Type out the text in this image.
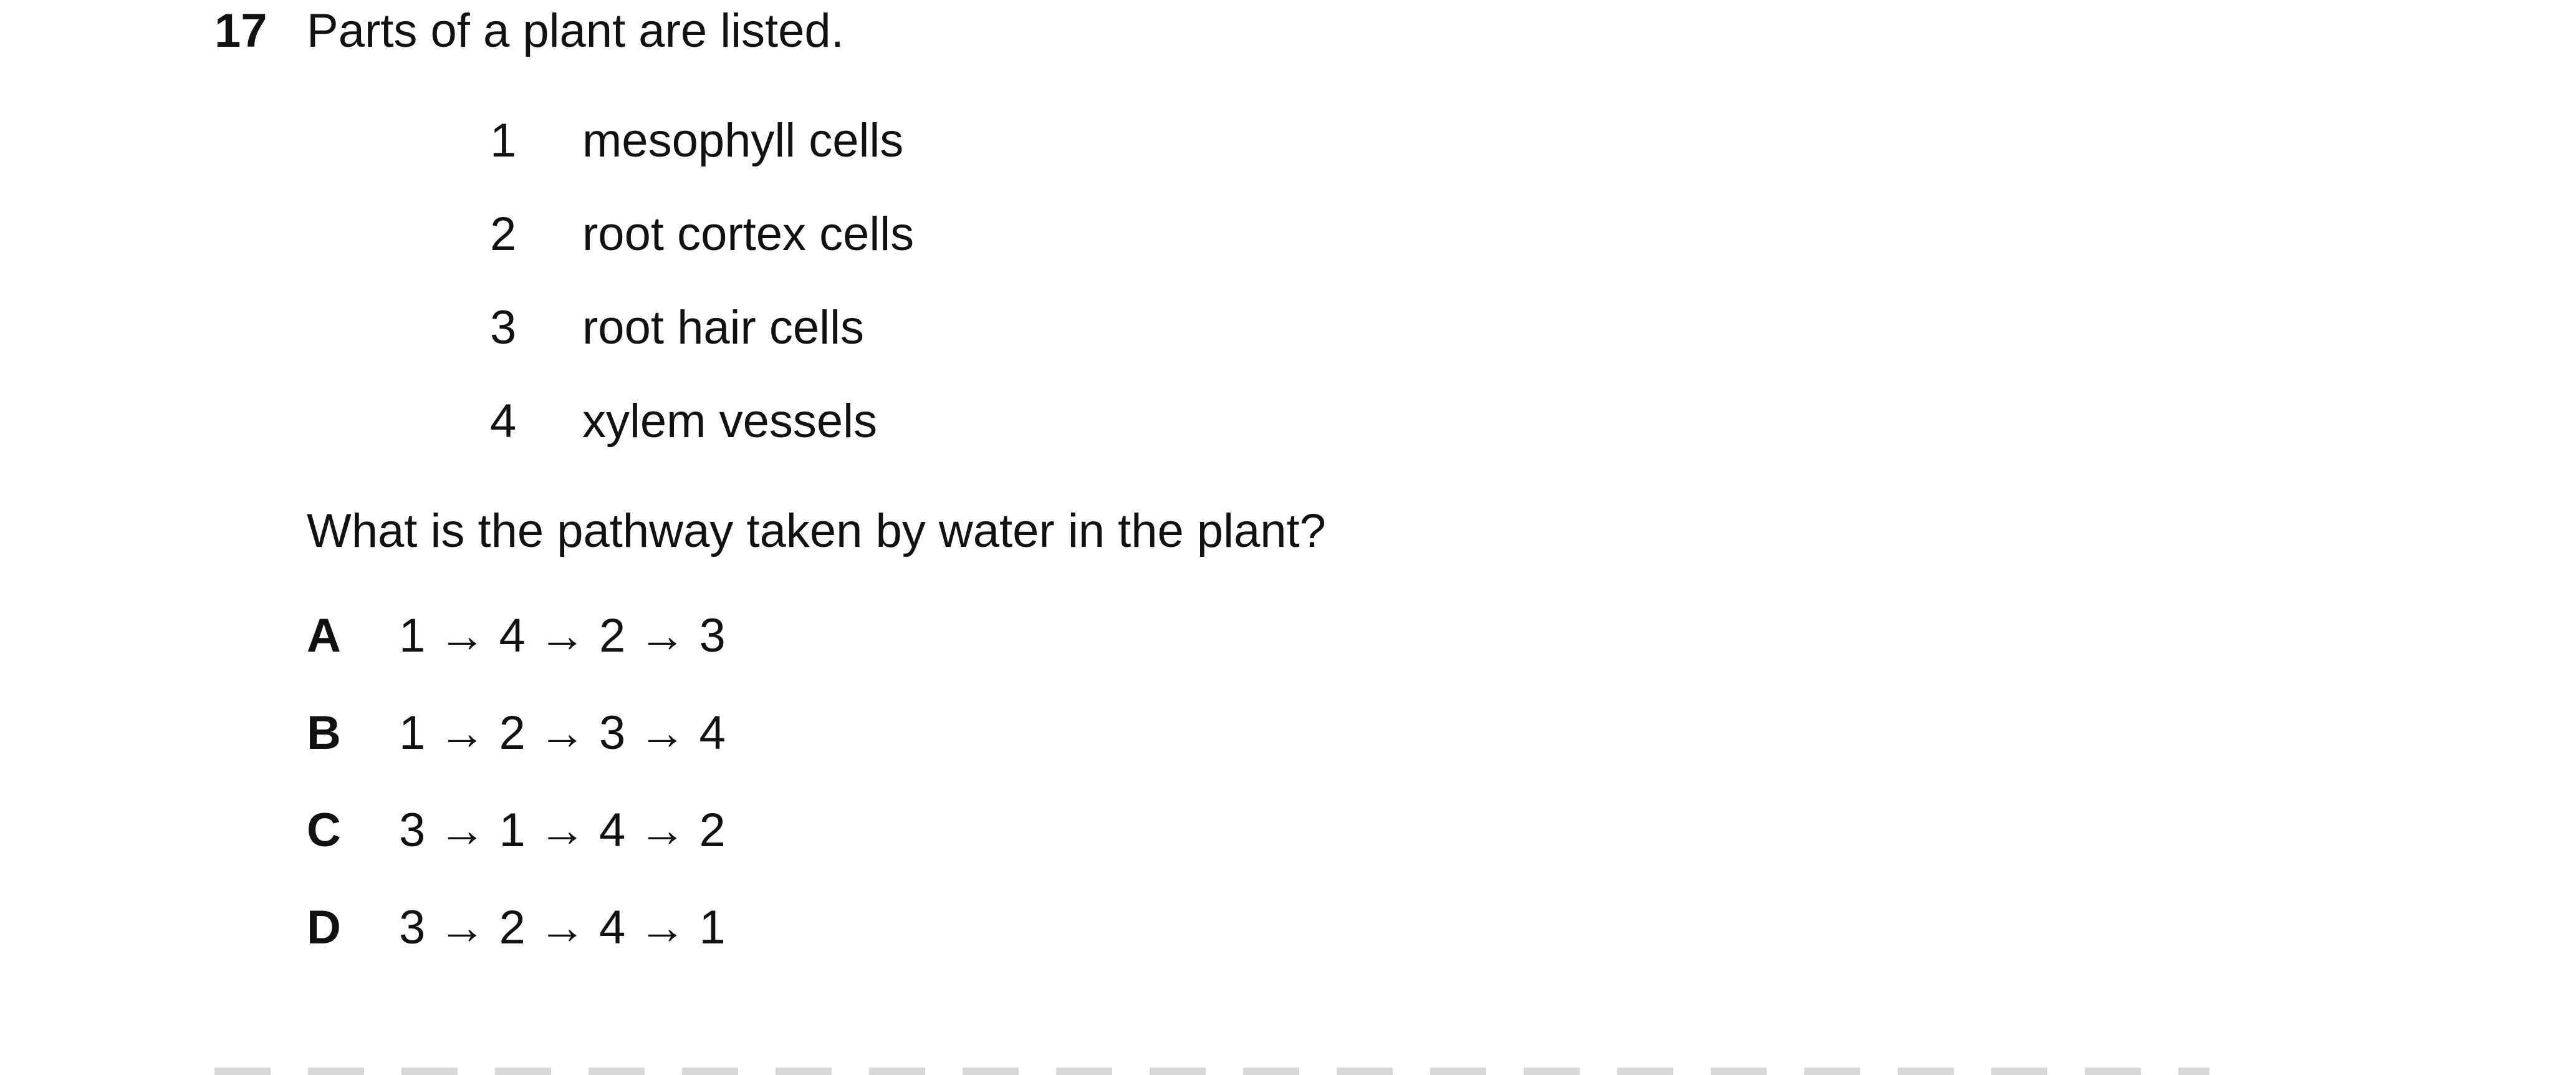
17 Parts of a plant are listed.
1 mesophyll cells
2 root cortex cells
3 root hair cells
4 xylem vessels
What is the pathway taken by water in the plant?
A 1 → 4 → 2 → 3
B 1 → 2 → 3 → 4
C 3 → 1 → 4 → 2
D 3 → 2 → 4 → 1
